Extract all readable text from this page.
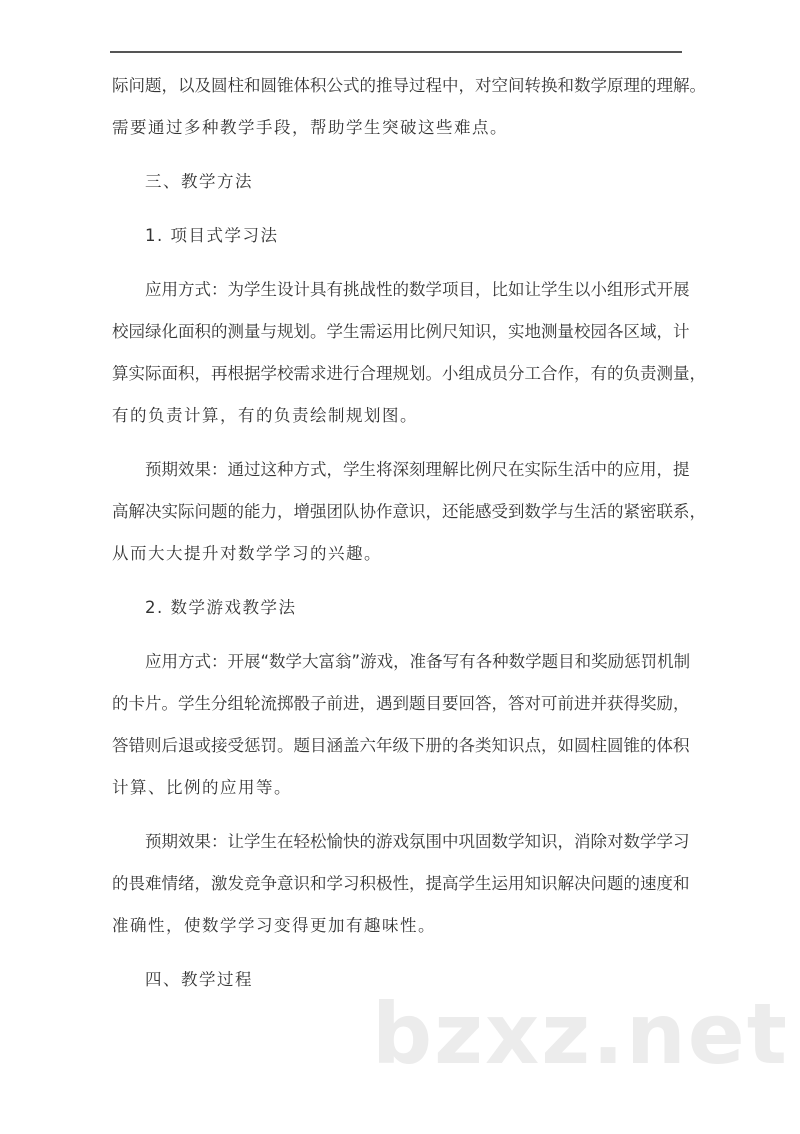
际问题，以及圆柱和圆锥体积公式的推导过程中，对空间转换和数学原理的理解。
需要通过多种教学手段，帮助学生突破这些难点。
三、教学方法
1. 项目式学习法
应用方式：为学生设计具有挑战性的数学项目，比如让学生以小组形式开展
校园绿化面积的测量与规划。学生需运用比例尺知识，实地测量校园各区域，计
算实际面积，再根据学校需求进行合理规划。小组成员分工合作，有的负责测量，
有的负责计算，有的负责绘制规划图。
预期效果：通过这种方式，学生将深刻理解比例尺在实际生活中的应用，提
高解决实际问题的能力，增强团队协作意识，还能感受到数学与生活的紧密联系，
从而大大提升对数学学习的兴趣。
2. 数学游戏教学法
应用方式：开展“数学大富翁”游戏，准备写有各种数学题目和奖励惩罚机制
的卡片。学生分组轮流掷骰子前进，遇到题目要回答，答对可前进并获得奖励，
答错则后退或接受惩罚。题目涵盖六年级下册的各类知识点，如圆柱圆锥的体积
计算、比例的应用等。
预期效果：让学生在轻松愉快的游戏氛围中巩固数学知识，消除对数学学习
的畏难情绪，激发竞争意识和学习积极性，提高学生运用知识解决问题的速度和
准确性，使数学学习变得更加有趣味性。
四、教学过程
bzxz.net
